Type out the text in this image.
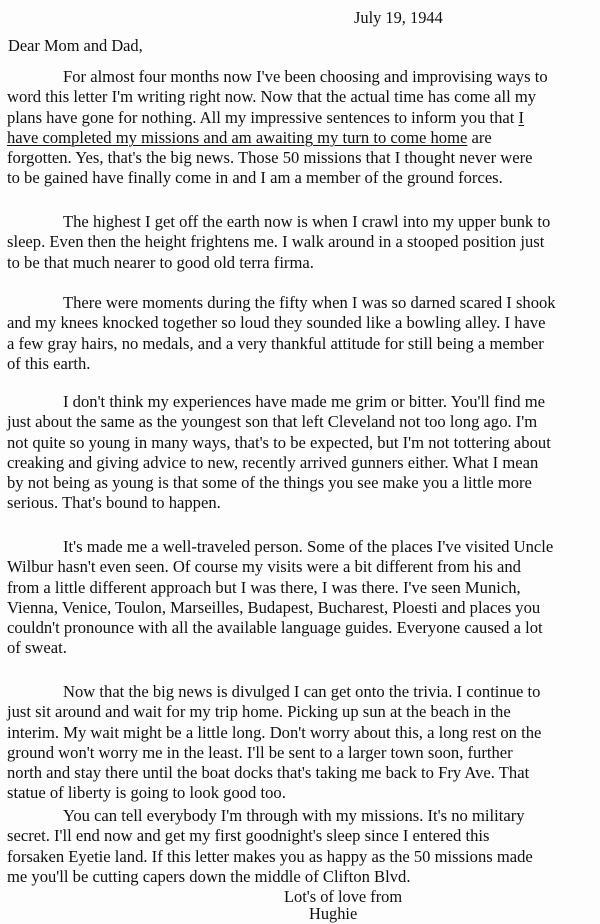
July 19, 1944
Dear Mom and Dad,
For almost four months now I've been choosing and improvising ways to
word this letter I'm writing right now. Now that the actual time has come all my
plans have gone for nothing. All my impressive sentences to inform you that I
have completed my missions and am awaiting my turn to come home are
forgotten. Yes, that's the big news. Those 50 missions that I thought never were
to be gained have finally come in and I am a member of the ground forces.
The highest I get off the earth now is when I crawl into my upper bunk to
sleep. Even then the height frightens me. I walk around in a stooped position just
to be that much nearer to good old terra firma.
There were moments during the fifty when I was so darned scared I shook
and my knees knocked together so loud they sounded like a bowling alley. I have
a few gray hairs, no medals, and a very thankful attitude for still being a member
of this earth.
I don't think my experiences have made me grim or bitter. You'll find me
just about the same as the youngest son that left Cleveland not too long ago. I'm
not quite so young in many ways, that's to be expected, but I'm not tottering about
creaking and giving advice to new, recently arrived gunners either. What I mean
by not being as young is that some of the things you see make you a little more
serious. That's bound to happen.
It's made me a well-traveled person. Some of the places I've visited Uncle
Wilbur hasn't even seen. Of course my visits were a bit different from his and
from a little different approach but I was there, I was there. I've seen Munich,
Vienna, Venice, Toulon, Marseilles, Budapest, Bucharest, Ploesti and places you
couldn't pronounce with all the available language guides. Everyone caused a lot
of sweat.
Now that the big news is divulged I can get onto the trivia. I continue to
just sit around and wait for my trip home. Picking up sun at the beach in the
interim. My wait might be a little long. Don't worry about this, a long rest on the
ground won't worry me in the least. I'll be sent to a larger town soon, further
north and stay there until the boat docks that's taking me back to Fry Ave. That
statue of liberty is going to look good too.
You can tell everybody I'm through with my missions. It's no military
secret. I'll end now and get my first goodnight's sleep since I entered this
forsaken Eyetie land. If this letter makes you as happy as the 50 missions made
me you'll be cutting capers down the middle of Clifton Blvd.
Lot's of love from
Hughie
